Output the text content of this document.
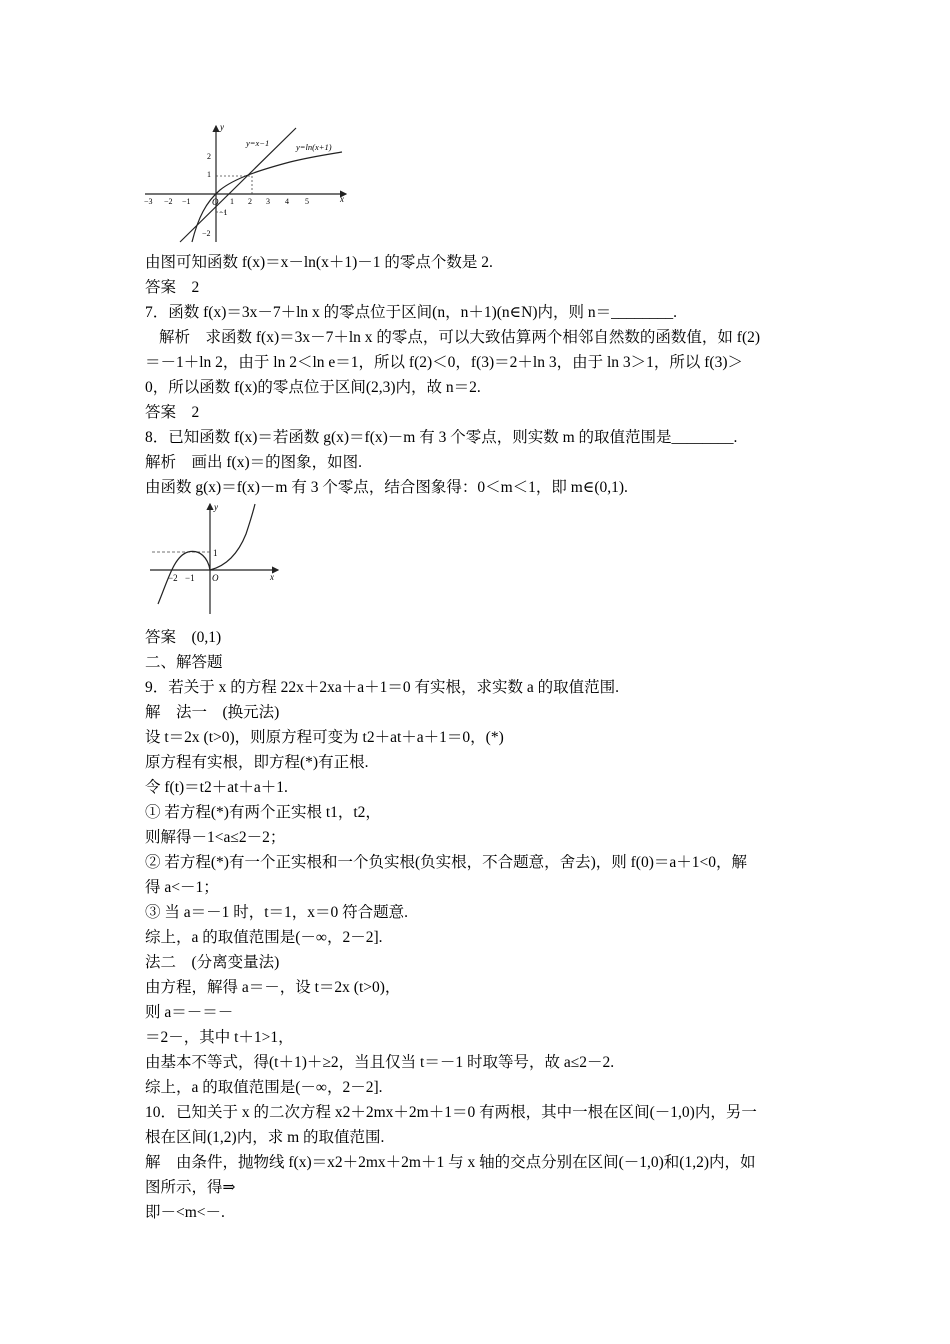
y
x
O
−3 −2 −1	1 2 3 4 5
2
1
−1
−2
y=x−1	y=ln(x+1)
y
x
O
−2 −1
1
由图可知函数 f(x)＝x－ln(x＋1)－1 的零点个数是 2.
答案　2
7．函数 f(x)＝3x－7＋ln x 的零点位于区间(n，n＋1)(n∈N)内，则 n＝________.
解析　求函数 f(x)＝3x－7＋ln x 的零点，可以大致估算两个相邻自然数的函数值，如 f(2)
＝－1＋ln 2，由于 ln 2＜ln e＝1，所以 f(2)＜0，f(3)＝2＋ln 3，由于 ln 3＞1，所以 f(3)＞
0，所以函数 f(x)的零点位于区间(2,3)内，故 n＝2.
答案　2
8．已知函数 f(x)＝若函数 g(x)＝f(x)－m 有 3 个零点，则实数 m 的取值范围是________.
解析　画出 f(x)＝的图象，如图.
由函数 g(x)＝f(x)－m 有 3 个零点，结合图象得：0＜m＜1，即 m∈(0,1).
答案　(0,1)
二、解答题
9．若关于 x 的方程 22x＋2xa＋a＋1＝0 有实根，求实数 a 的取值范围.
解　法一　(换元法)
设 t＝2x (t>0)，则原方程可变为 t2＋at＋a＋1＝0，(*)
原方程有实根，即方程(*)有正根.
令 f(t)＝t2＋at＋a＋1.
① 若方程(*)有两个正实根 t1，t2，
则解得－1<a≤2－2；
② 若方程(*)有一个正实根和一个负实根(负实根，不合题意，舍去)，则 f(0)＝a＋1<0，解
得 a<－1；
③ 当 a＝－1 时，t＝1，x＝0 符合题意.
综上，a 的取值范围是(－∞，2－2].
法二　(分离变量法)
由方程，解得 a＝－，设 t＝2x (t>0)，
则 a＝－＝－
＝2－，其中 t＋1>1，
由基本不等式，得(t＋1)＋≥2，当且仅当 t＝－1 时取等号，故 a≤2－2.
综上，a 的取值范围是(－∞，2－2].
10．已知关于 x 的二次方程 x2＋2mx＋2m＋1＝0 有两根，其中一根在区间(－1,0)内，另一
根在区间(1,2)内，求 m 的取值范围.
解　由条件，抛物线 f(x)＝x2＋2mx＋2m＋1 与 x 轴的交点分别在区间(－1,0)和(1,2)内，如
图所示，得⇒
即－<m<－.
